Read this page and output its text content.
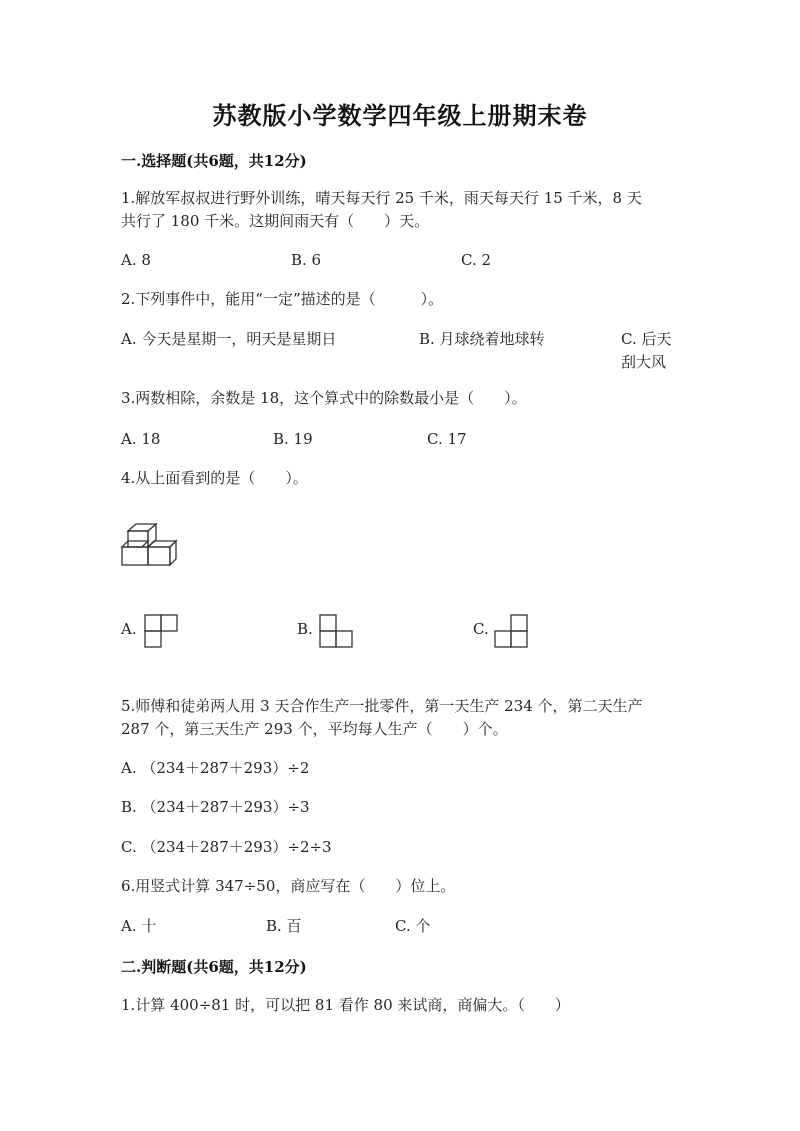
苏教版小学数学四年级上册期末卷
一.选择题(共6题，共12分)
1.解放军叔叔进行野外训练，晴天每天行 25 千米，雨天每天行 15 千米，8 天
共行了 180 千米。这期间雨天有（　　）天。
A. 8	B. 6	C. 2
2.下列事件中，能用“一定”描述的是（　　　）。
A. 今天是星期一，明天是星期日	B. 月球绕着地球转	C. 后天刮大风
3.两数相除，余数是 18，这个算式中的除数最小是（　　）。
A. 18	B. 19	C. 17
4.从上面看到的是（　　）。
A.	B.	C.
5.师傅和徒弟两人用 3 天合作生产一批零件，第一天生产 234 个，第二天生产
287 个，第三天生产 293 个，平均每人生产（　　）个。
A. （234＋287＋293）÷2
B. （234＋287＋293）÷3
C. （234＋287＋293）÷2÷3
6.用竖式计算 347÷50，商应写在（　　）位上。
A. 十	B. 百	C. 个
二.判断题(共6题，共12分)
1.计算 400÷81 时，可以把 81 看作 80 来试商，商偏大。（　　）
